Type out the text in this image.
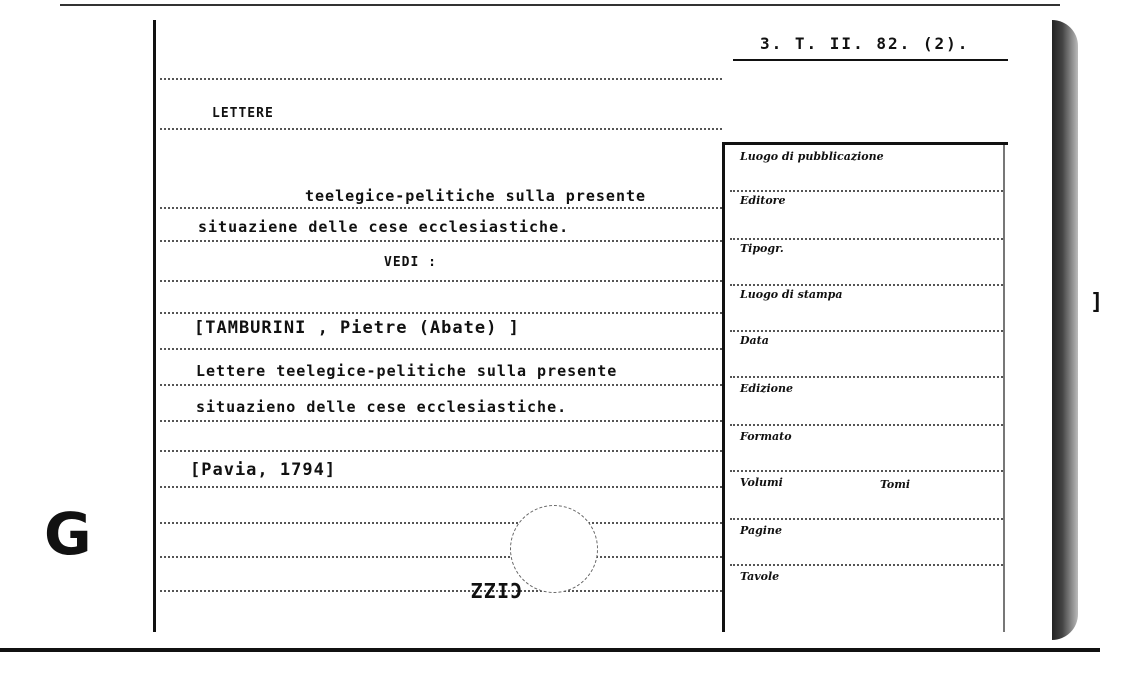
]
3. T. II. 82. (2).
LETTERE
teelegice-pelitiche sulla presente
situaziene delle cese ecclesiastiche.
VEDI :
[TAMBURINI , Pietre (Abate) ]
Lettere teelegice-pelitiche sulla presente
situazieno delle cese ecclesiastiche.
[Pavia, 1794]
Luogo di pubblicazione
Editore
Tipogr.
Luogo di stampa
Data
Edizione
Formato
Volumi	Tomi
Pagine
Tavole
CIZZ
G
